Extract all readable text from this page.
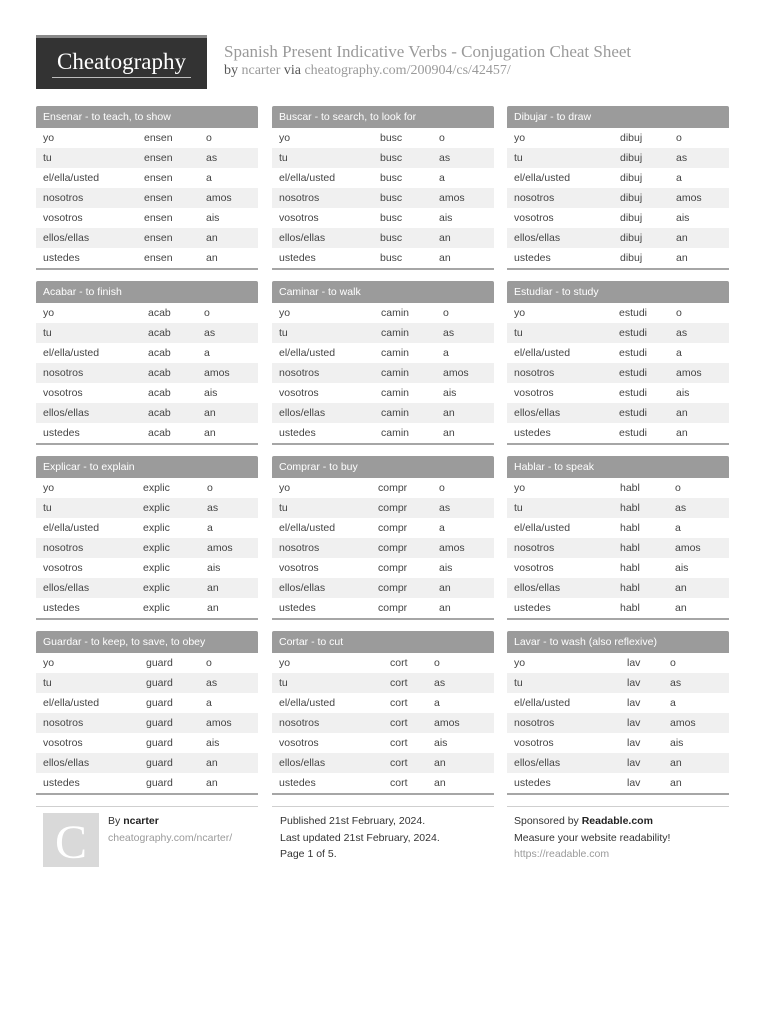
Cheatography	Spanish Present Indicative Verbs - Conjugation Cheat Sheet
by ncarter via cheatography.com/200904/cs/42457/
Ensenar - to teach, to show
yo	ensen	o
tu	ensen	as
el/ella/usted	ensen	a
nosotros	ensen	amos
vosotros	ensen	ais
ellos/ellas	ensen	an
ustedes	ensen	an
Buscar - to search, to look for
yo	busc	o
tu	busc	as
el/ella/usted	busc	a
nosotros	busc	amos
vosotros	busc	ais
ellos/ellas	busc	an
ustedes	busc	an
Dibujar - to draw
yo	dibuj	o
tu	dibuj	as
el/ella/usted	dibuj	a
nosotros	dibuj	amos
vosotros	dibuj	ais
ellos/ellas	dibuj	an
ustedes	dibuj	an
Acabar - to finish
yo	acab	o
tu	acab	as
el/ella/usted	acab	a
nosotros	acab	amos
vosotros	acab	ais
ellos/ellas	acab	an
ustedes	acab	an
Caminar - to walk
yo	camin	o
tu	camin	as
el/ella/usted	camin	a
nosotros	camin	amos
vosotros	camin	ais
ellos/ellas	camin	an
ustedes	camin	an
Estudiar - to study
yo	estudi	o
tu	estudi	as
el/ella/usted	estudi	a
nosotros	estudi	amos
vosotros	estudi	ais
ellos/ellas	estudi	an
ustedes	estudi	an
Explicar - to explain
yo	explic	o
tu	explic	as
el/ella/usted	explic	a
nosotros	explic	amos
vosotros	explic	ais
ellos/ellas	explic	an
ustedes	explic	an
Comprar - to buy
yo	compr	o
tu	compr	as
el/ella/usted	compr	a
nosotros	compr	amos
vosotros	compr	ais
ellos/ellas	compr	an
ustedes	compr	an
Hablar - to speak
yo	habl	o
tu	habl	as
el/ella/usted	habl	a
nosotros	habl	amos
vosotros	habl	ais
ellos/ellas	habl	an
ustedes	habl	an
Guardar - to keep, to save, to obey
yo	guard	o
tu	guard	as
el/ella/usted	guard	a
nosotros	guard	amos
vosotros	guard	ais
ellos/ellas	guard	an
ustedes	guard	an
Cortar - to cut
yo	cort	o
tu	cort	as
el/ella/usted	cort	a
nosotros	cort	amos
vosotros	cort	ais
ellos/ellas	cort	an
ustedes	cort	an
Lavar - to wash (also reflexive)
yo	lav	o
tu	lav	as
el/ella/usted	lav	a
nosotros	lav	amos
vosotros	lav	ais
ellos/ellas	lav	an
ustedes	lav	an
C	By ncarter
cheatography.com/ncarter/
Published 21st February, 2024.
Last updated 21st February, 2024.
Page 1 of 5.
Sponsored by Readable.com
Measure your website readability!
https://readable.com
